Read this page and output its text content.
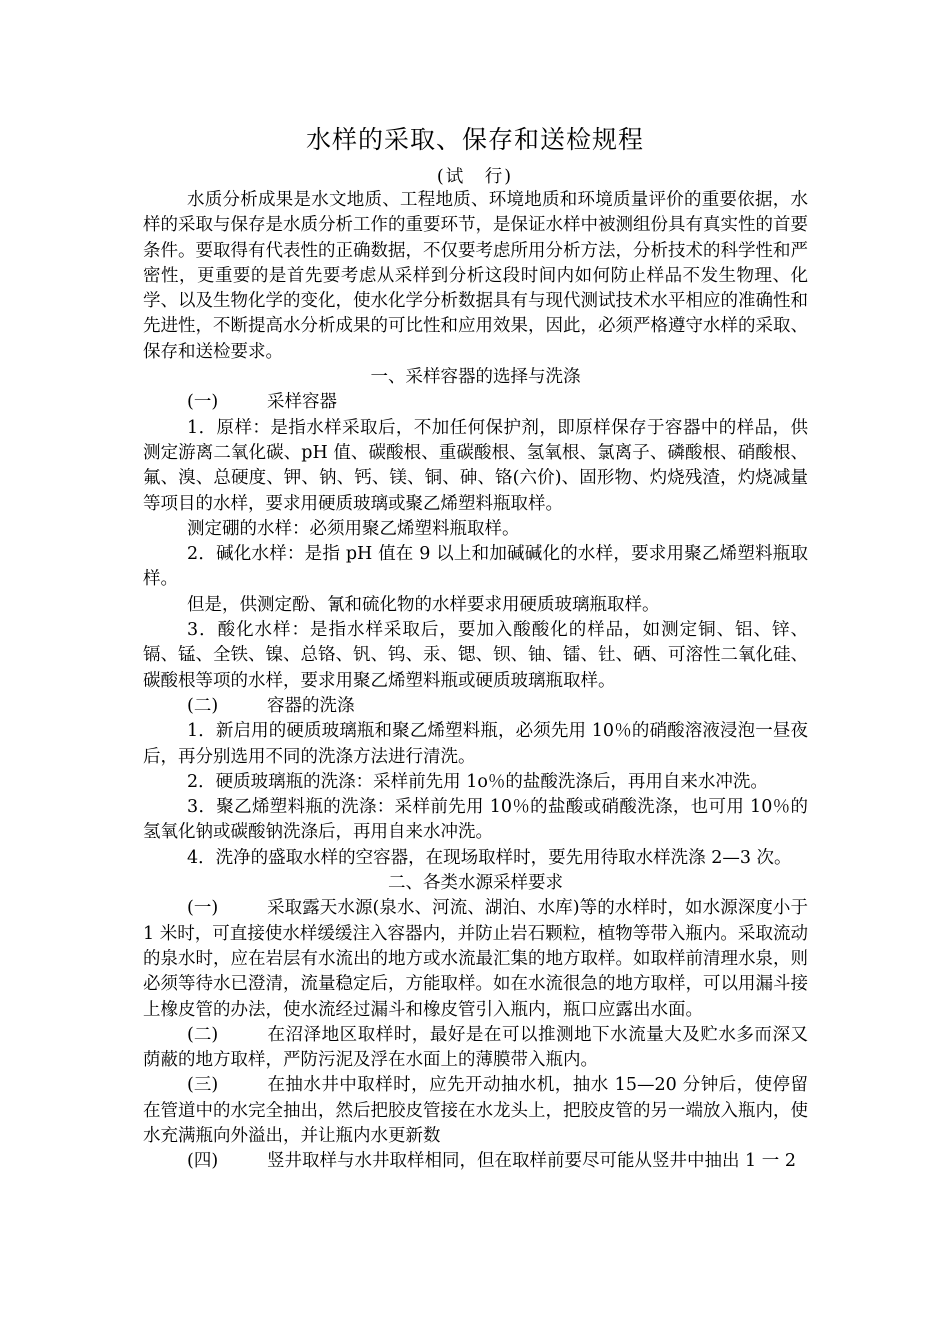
水样的采取、保存和送检规程
(试　行)

水质分析成果是水文地质、工程地质、环境地质和环境质量评价的重要依据，水样的采取与保存是水质分析工作的重要环节，是保证水样中被测组份具有真实性的首要条件。要取得有代表性的正确数据，不仅要考虑所用分析方法，分析技术的科学性和严密性，更重要的是首先要考虑从采样到分析这段时间内如何防止样品不发生物理、化学、以及生物化学的变化，使水化学分析数据具有与现代测试技术水平相应的准确性和先进性，不断提高水分析成果的可比性和应用效果，因此，必须严格遵守水样的采取、保存和送检要求。

一、采样容器的选择与洗涤

(一)	采样容器

1．原样：是指水样采取后，不加任何保护剂，即原样保存于容器中的样品，供测定游离二氧化碳、pH 值、碳酸根、重碳酸根、氢氧根、氯离子、磷酸根、硝酸根、氟、溴、总硬度、钾、钠、钙、镁、铜、砷、铬(六价)、固形物、灼烧残渣，灼烧减量等项目的水样，要求用硬质玻璃或聚乙烯塑料瓶取样。

测定硼的水样：必须用聚乙烯塑料瓶取样。

2．碱化水样：是指 pH 值在 9 以上和加碱碱化的水样，要求用聚乙烯塑料瓶取样。

但是，供测定酚、氰和硫化物的水样要求用硬质玻璃瓶取样。

3．酸化水样：是指水样采取后，要加入酸酸化的样品，如测定铜、铝、锌、镉、锰、全铁、镍、总铬、钒、钨、汞、锶、钡、铀、镭、钍、硒、可溶性二氧化硅、碳酸根等项的水样，要求用聚乙烯塑料瓶或硬质玻璃瓶取样。

(二)	容器的洗涤

1．新启用的硬质玻璃瓶和聚乙烯塑料瓶，必须先用 10％的硝酸溶液浸泡一昼夜后，再分别选用不同的洗涤方法进行清洗。

2．硬质玻璃瓶的洗涤：采样前先用 1o％的盐酸洗涤后，再用自来水冲洗。

3．聚乙烯塑料瓶的洗涤：采样前先用 10％的盐酸或硝酸洗涤，也可用 10％的氢氧化钠或碳酸钠洗涤后，再用自来水冲洗。

4．洗净的盛取水样的空容器，在现场取样时，要先用待取水样洗涤 2—3 次。

二、各类水源采样要求

(一)	采取露天水源(泉水、河流、湖泊、水库)等的水样时，如水源深度小于 1 米时，可直接使水样缓缓注入容器内，并防止岩石颗粒，植物等带入瓶内。采取流动的泉水时，应在岩层有水流出的地方或水流最汇集的地方取样。如取样前清理水泉，则必须等待水已澄清，流量稳定后，方能取样。如在水流很急的地方取样，可以用漏斗接上橡皮管的办法，使水流经过漏斗和橡皮管引入瓶内，瓶口应露出水面。

(二)	在沼泽地区取样时，最好是在可以推测地下水流量大及贮水多而深又荫蔽的地方取样，严防污泥及浮在水面上的薄膜带入瓶内。

(三)	在抽水井中取样时，应先开动抽水机，抽水 15—20 分钟后，使停留在管道中的水完全抽出，然后把胶皮管接在水龙头上，把胶皮管的另一端放入瓶内，使水充满瓶向外溢出，并让瓶内水更新数

(四)	竖井取样与水井取样相同，但在取样前要尽可能从竖井中抽出 1 一 2
